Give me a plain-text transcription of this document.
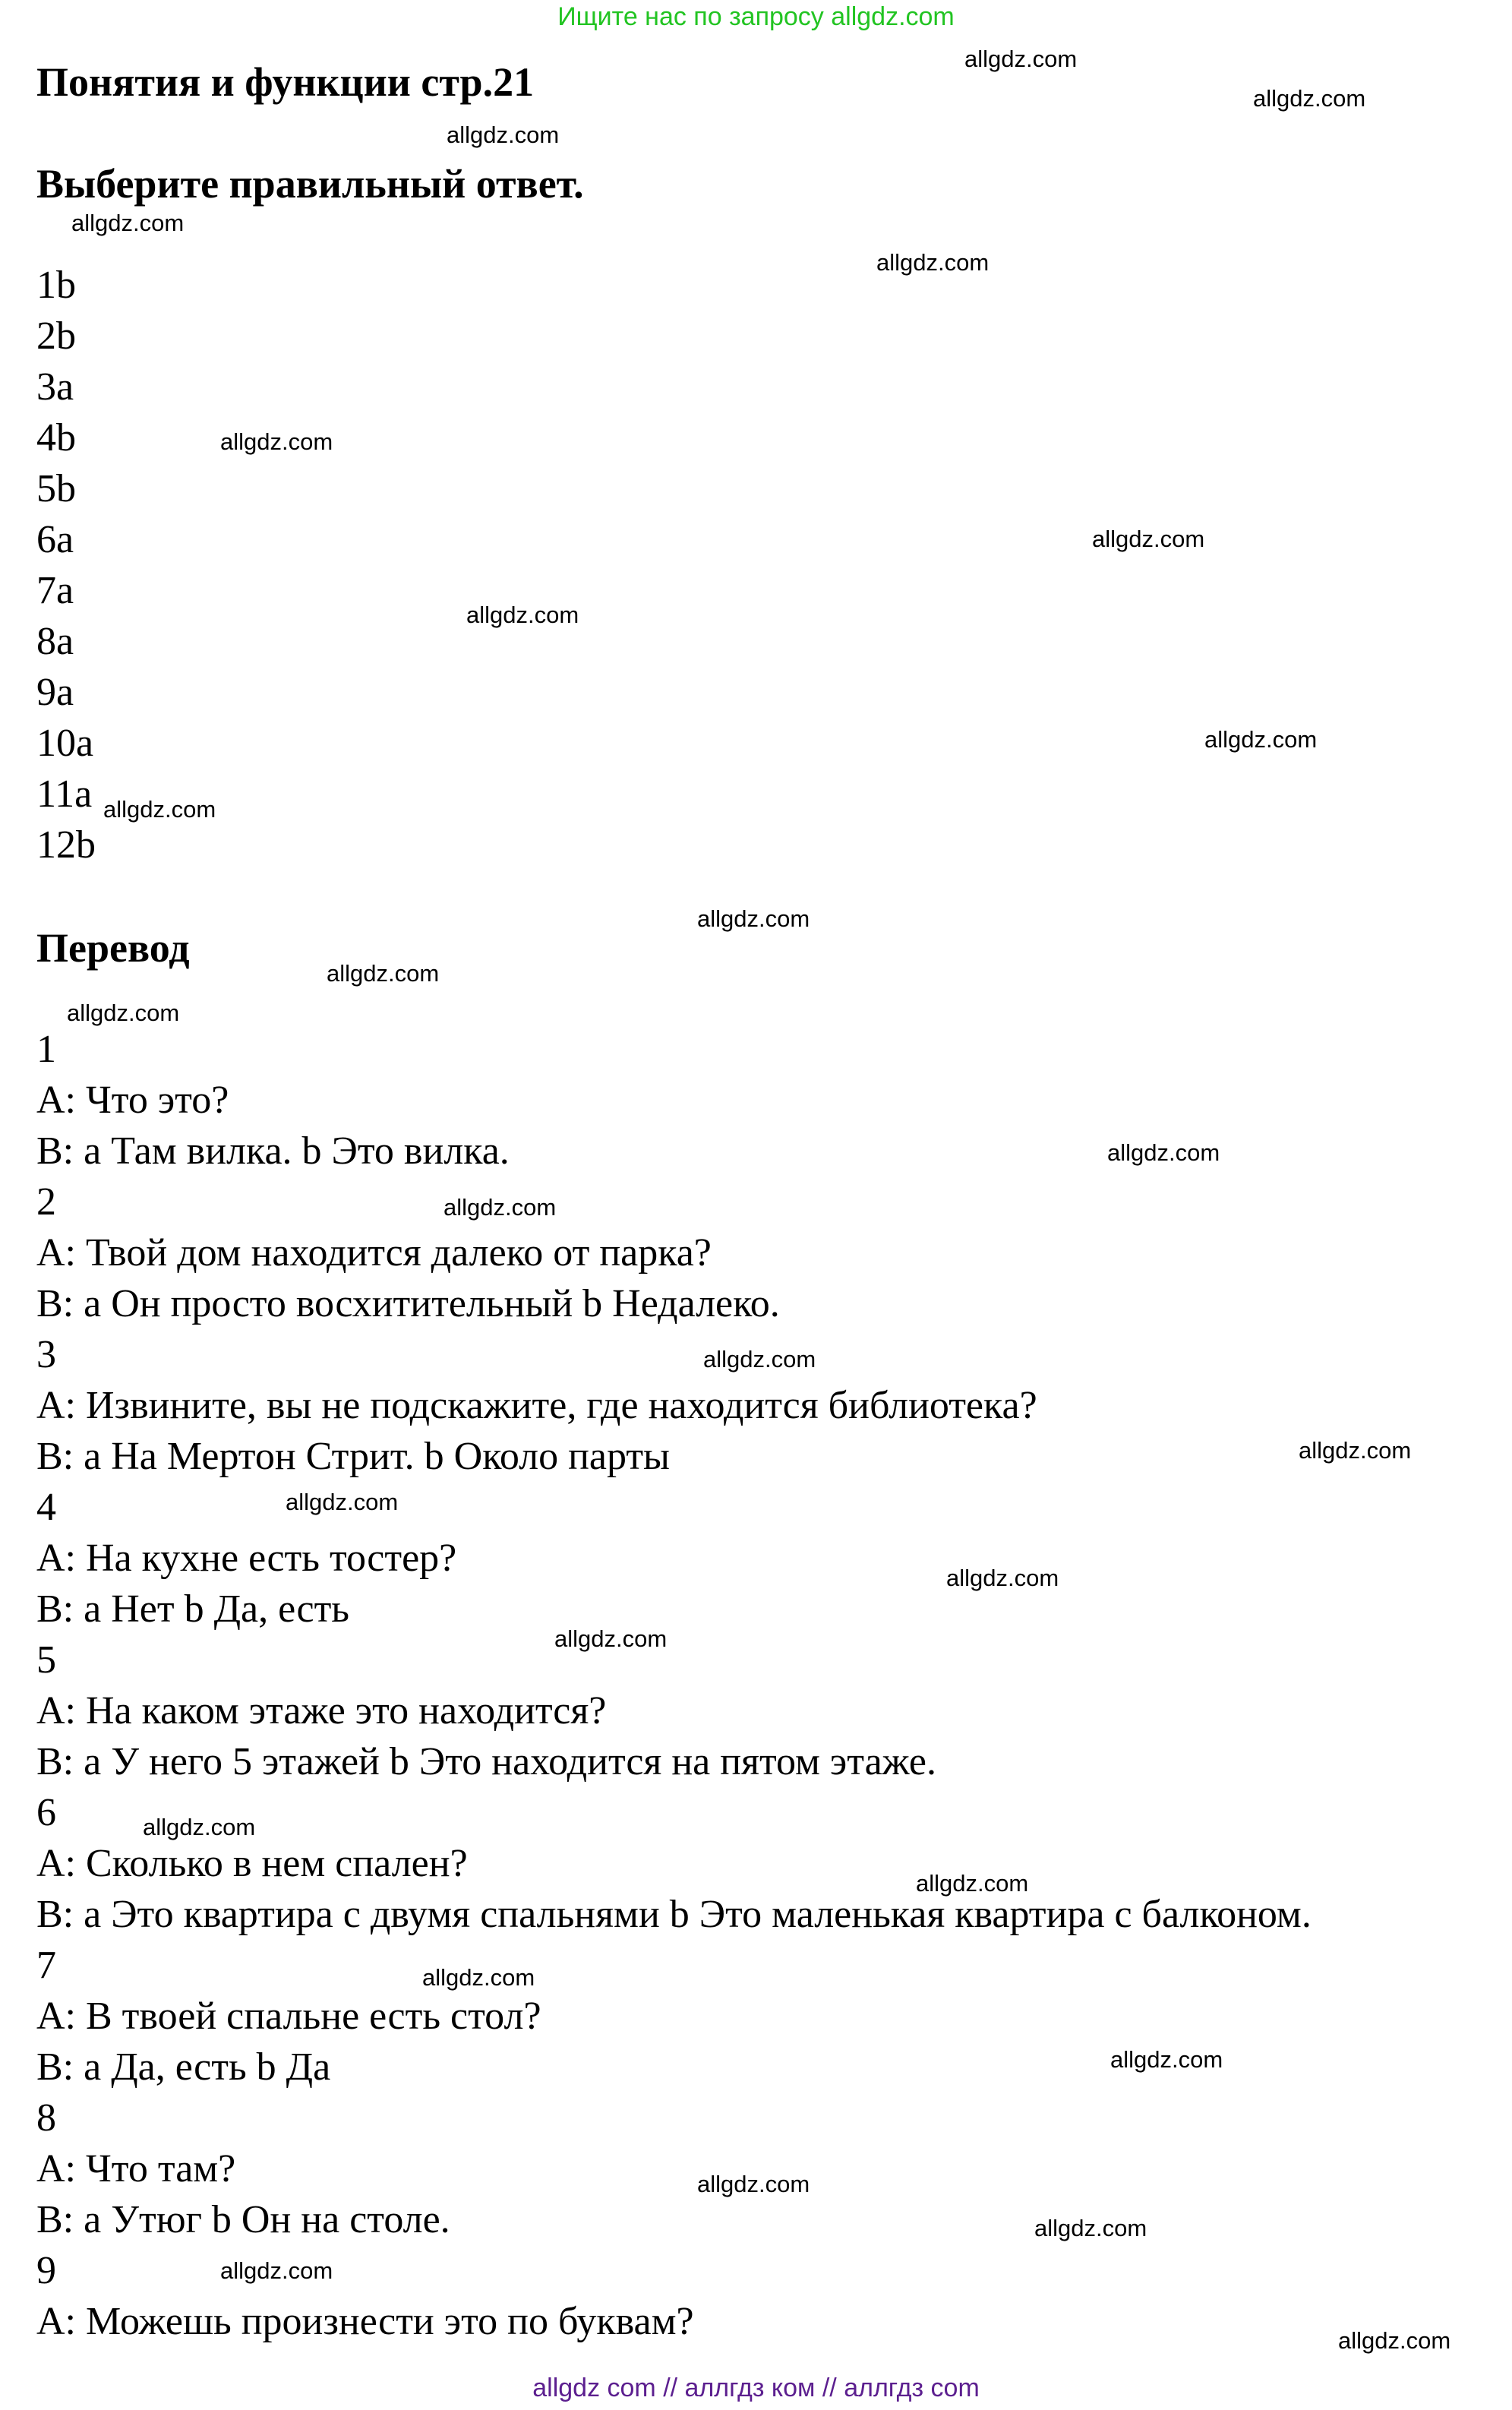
Ищите нас по запросу allgdz.com
Понятия и функции стр.21
Выберите правильный ответ.
1b
2b
3a
4b
5b
6a
7a
8a
9a
10a
11a
12b
Перевод
1
A: Что это?
B: a Там вилка. b Это вилка.
2
A: Твой дом находится далеко от парка?
B: a Он просто восхитительный b Недалеко.
3
A: Извините, вы не подскажите, где находится библиотека?
B: a На Мертон Стрит. b Около парты
4
A: На кухне есть тостер?
B: a Нет b Да, есть
5
A: На каком этаже это находится?
B: a У него 5 этажей b Это находится на пятом этаже.
6
A: Сколько в нем спален?
B: a Это квартира с двумя спальнями b Это маленькая квартира с балконом.
7
A: В твоей спальне есть стол?
B: a Да, есть b Да
8
A: Что там?
B: a Утюг b Он на столе.
9
A: Можешь произнести это по буквам?
allgdz.com
allgdz.com
allgdz.com
allgdz.com
allgdz.com
allgdz.com
allgdz.com
allgdz.com
allgdz.com
allgdz.com
allgdz.com
allgdz.com
allgdz.com
allgdz.com
allgdz.com
allgdz.com
allgdz.com
allgdz.com
allgdz.com
allgdz.com
allgdz.com
allgdz.com
allgdz.com
allgdz.com
allgdz.com
allgdz.com
allgdz.com
allgdz.com
allgdz com // аллгдз ком // аллгдз com
